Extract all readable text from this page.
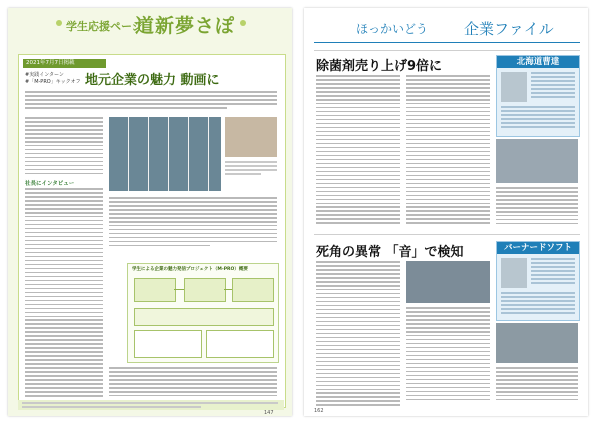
学生応援ページ
道新夢さぽ
2021年7月7日掲載
#実践インターン
#「M-PRO」キックオフ 地元企業の魅力 動画に
社長にインタビュー
学生による企業の魅力発信プロジェクト（M-PRO）概要
147
ほっかいどう 企業ファイル
除菌剤売り上げ9倍に	北海道曹達
死角の異常 「音」で検知	バーナードソフト
162
